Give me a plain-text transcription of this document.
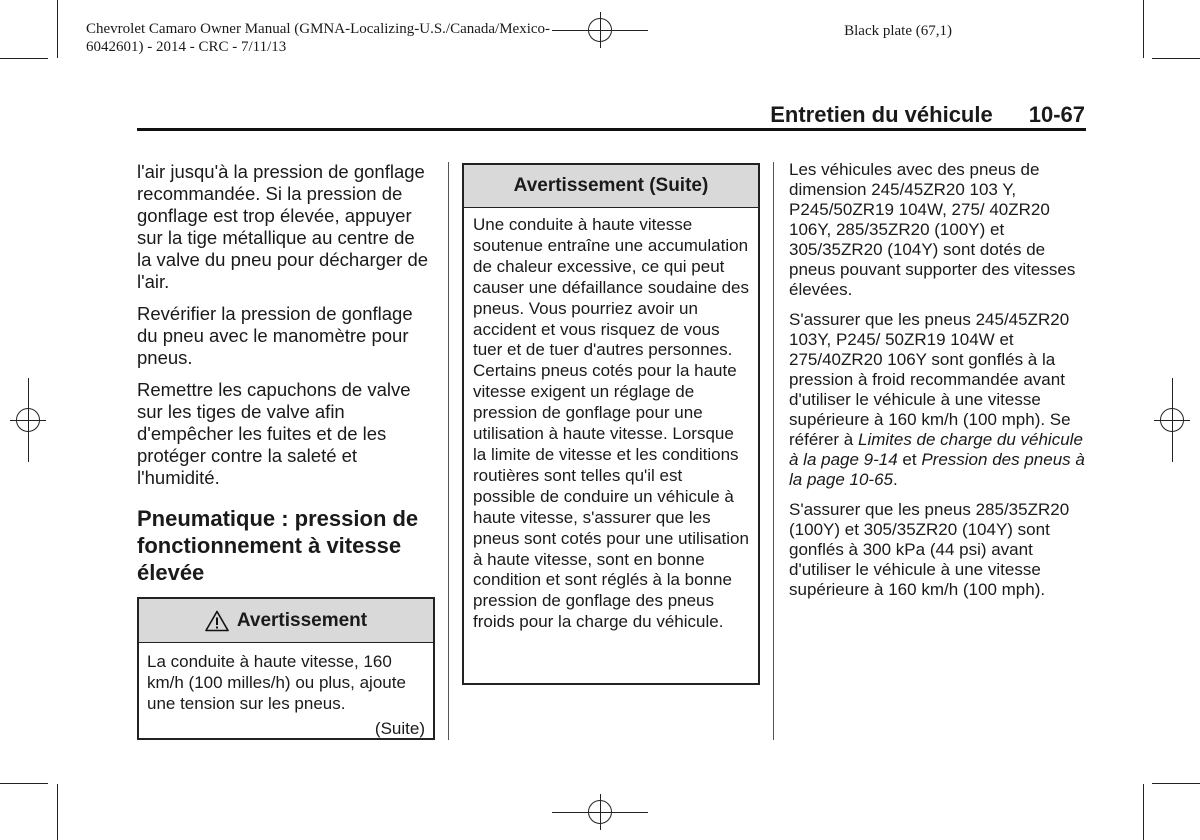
Chevrolet Camaro Owner Manual (GMNA-Localizing-U.S./Canada/Mexico-
6042601) - 2014 - CRC - 7/11/13
Black plate (67,1)
Entretien du véhicule 10-67

l'air jusqu'à la pression de gonflage recommandée. Si la pression de gonflage est trop élevée, appuyer sur la tige métallique au centre de la valve du pneu pour décharger de l'air.

Revérifier la pression de gonflage du pneu avec le manomètre pour pneus.

Remettre les capuchons de valve sur les tiges de valve afin d'empêcher les fuites et de les protéger contre la saleté et l'humidité.

Pneumatique : pression de fonctionnement à vitesse élevée
Avertissement
La conduite à haute vitesse, 160 km/h (100 milles/h) ou plus, ajoute une tension sur les pneus.
(Suite)
Avertissement (Suite)
Une conduite à haute vitesse soutenue entraîne une accumulation de chaleur excessive, ce qui peut causer une défaillance soudaine des pneus. Vous pourriez avoir un accident et vous risquez de vous tuer et de tuer d'autres personnes. Certains pneus cotés pour la haute vitesse exigent un réglage de pression de gonflage pour une utilisation à haute vitesse. Lorsque la limite de vitesse et les conditions routières sont telles qu'il est possible de conduire un véhicule à haute vitesse, s'assurer que les pneus sont cotés pour une utilisation à haute vitesse, sont en bonne condition et sont réglés à la bonne pression de gonflage des pneus froids pour la charge du véhicule.

Les véhicules avec des pneus de dimension 245/45ZR20 103 Y, P245/50ZR19 104W, 275/ 40ZR20 106Y, 285/35ZR20 (100Y) et 305/35ZR20 (104Y) sont dotés de pneus pouvant supporter des vitesses élevées.

S'assurer que les pneus 245/45ZR20 103Y, P245/ 50ZR19 104W et 275/40ZR20 106Y sont gonflés à la pression à froid recommandée avant d'utiliser le véhicule à une vitesse supérieure à 160 km/h (100 mph). Se référer à Limites de charge du véhicule à la page 9-14 et Pression des pneus à la page 10-65.

S'assurer que les pneus 285/35ZR20 (100Y) et 305/35ZR20 (104Y) sont gonflés à 300 kPa (44 psi) avant d'utiliser le véhicule à une vitesse supérieure à 160 km/h (100 mph).
